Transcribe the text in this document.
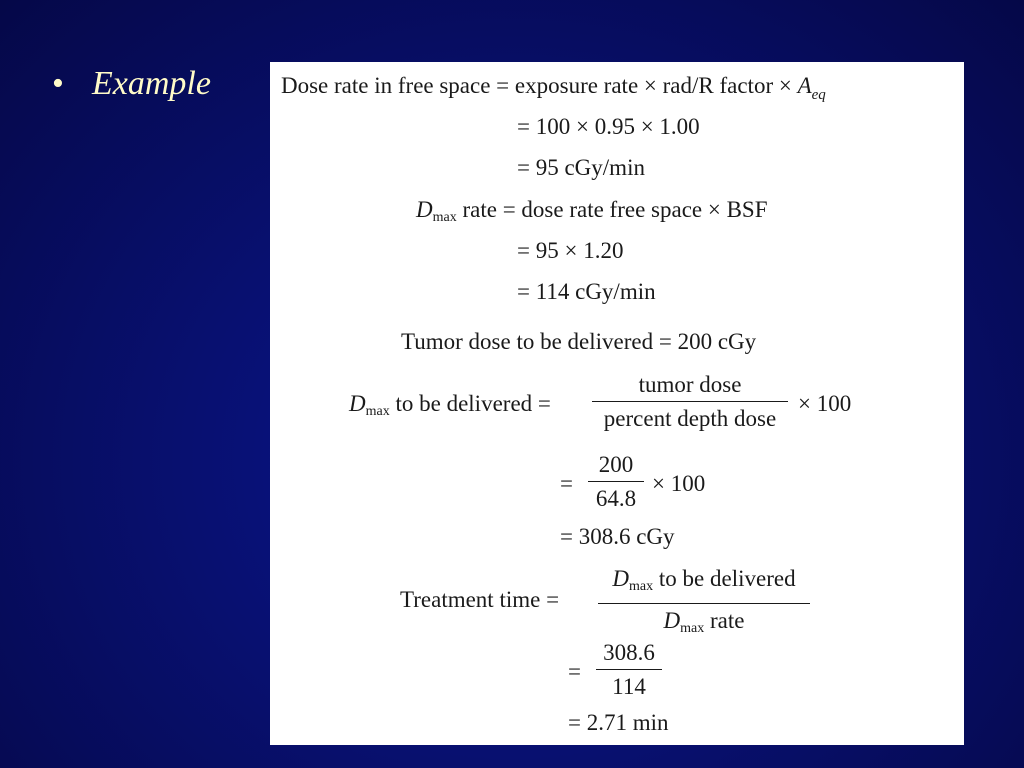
• Example	Dose rate in free space = exposure rate × rad/R factor × $A_{eq}$
= 100 × 0.95 × 1.00
= 95 cGy/min
$D_{max}$ rate = dose rate free space × BSF
= 95 × 1.20
= 114 cGy/min
Tumor dose to be delivered = 200 cGy
$D_{max}$ to be delivered =
tumor dose
percent depth dose
× 100
=
200
64.8
× 100
= 308.6 cGy
Treatment time =
$D_{max}$ to be delivered
$D_{max}$ rate
=
308.6
114
= 2.71 min
